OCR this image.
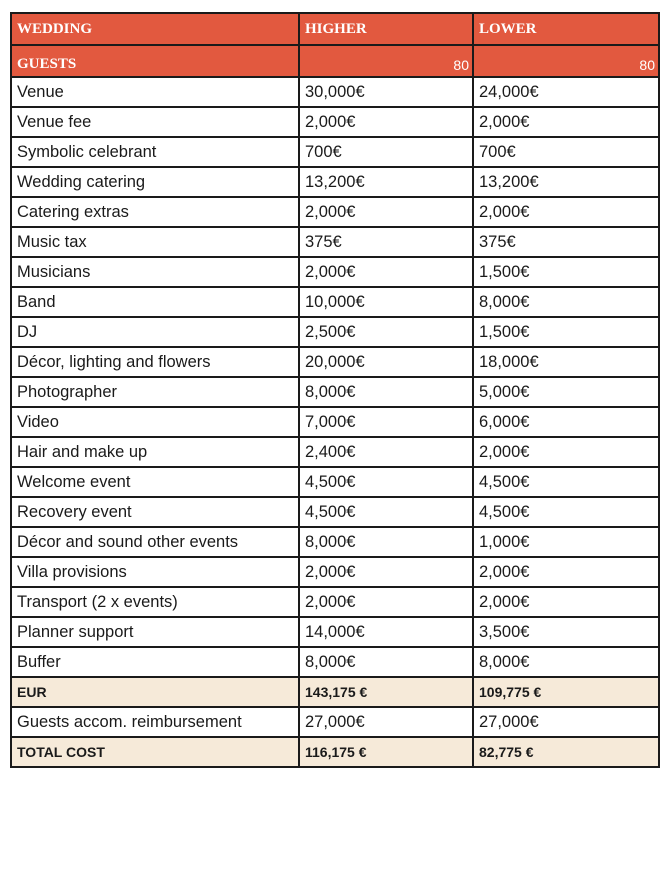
WEDDING	HIGHER	LOWER
GUESTS	80	80
Venue	30,000€	24,000€
Venue fee	2,000€	2,000€
Symbolic celebrant	700€	700€
Wedding catering	13,200€	13,200€
Catering extras	2,000€	2,000€
Music tax	375€	375€
Musicians	2,000€	1,500€
Band	10,000€	8,000€
DJ	2,500€	1,500€
Décor, lighting and flowers	20,000€	18,000€
Photographer	8,000€	5,000€
Video	7,000€	6,000€
Hair and make up	2,400€	2,000€
Welcome event	4,500€	4,500€
Recovery event	4,500€	4,500€
Décor and sound other events	8,000€	1,000€
Villa provisions	2,000€	2,000€
Transport (2 x events)	2,000€	2,000€
Planner support	14,000€	3,500€
Buffer	8,000€	8,000€
EUR	143,175 €	109,775 €
Guests accom. reimbursement	27,000€	27,000€
TOTAL COST	116,175 €	82,775 €
